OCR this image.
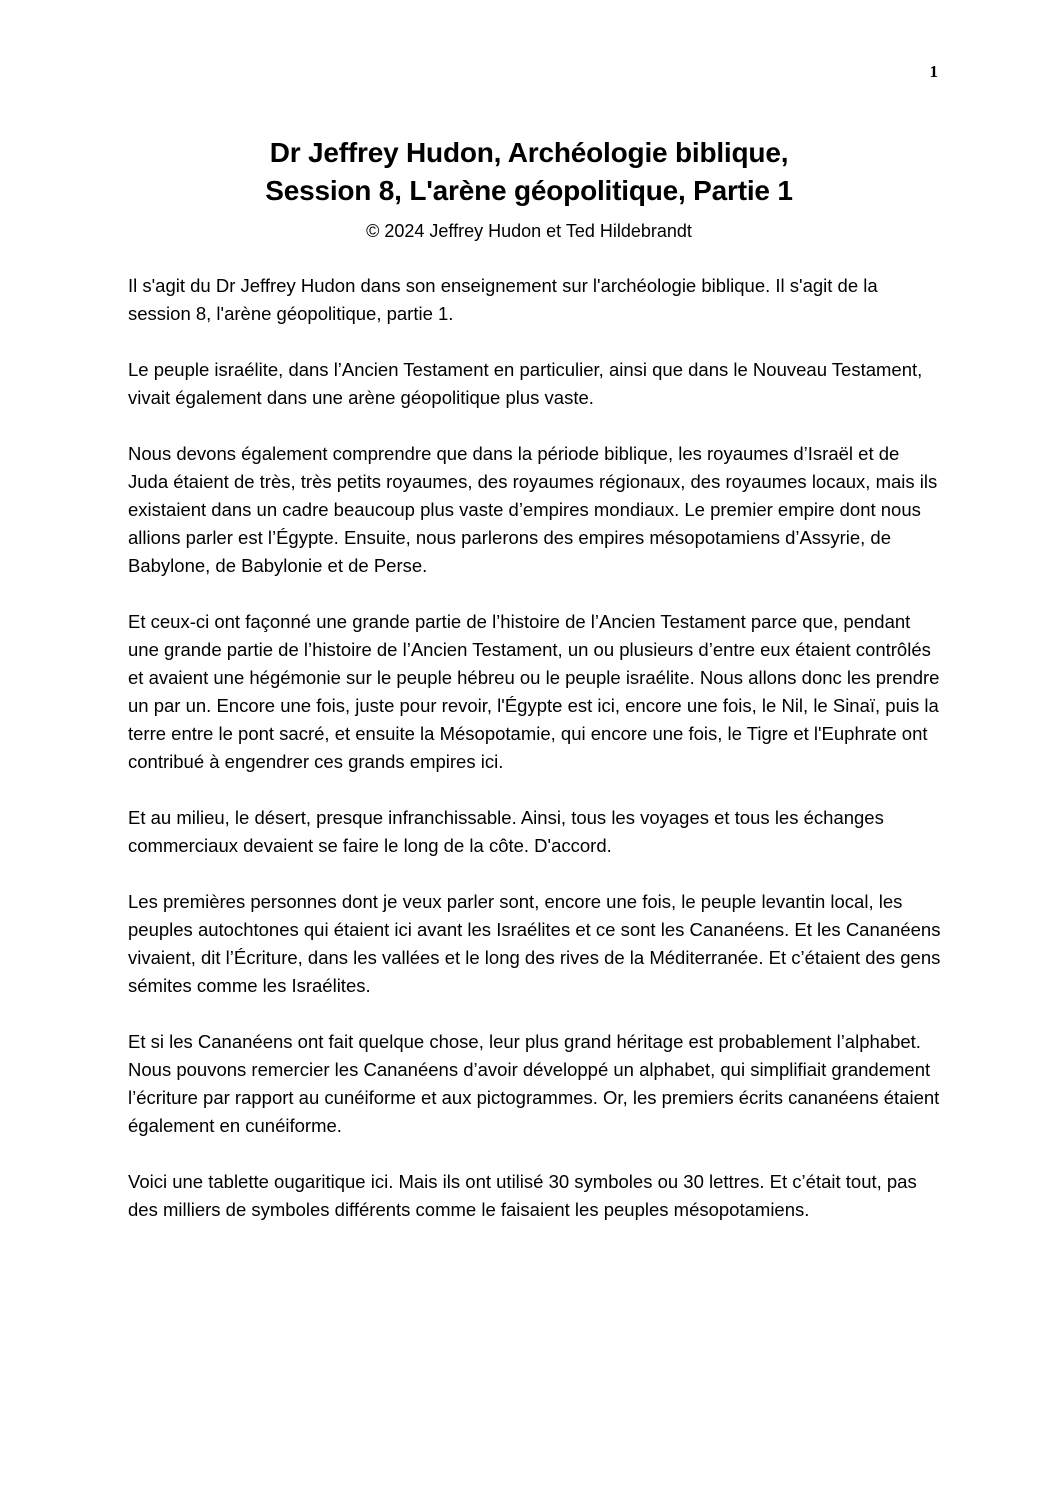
1
Dr Jeffrey Hudon, Archéologie biblique,
Session 8, L'arène géopolitique, Partie 1
© 2024 Jeffrey Hudon et Ted Hildebrandt

Il s'agit du Dr Jeffrey Hudon dans son enseignement sur l'archéologie biblique. Il s'agit de la session 8, l'arène géopolitique, partie 1.

Le peuple israélite, dans l’Ancien Testament en particulier, ainsi que dans le Nouveau Testament, vivait également dans une arène géopolitique plus vaste.

Nous devons également comprendre que dans la période biblique, les royaumes d’Israël et de Juda étaient de très, très petits royaumes, des royaumes régionaux, des royaumes locaux, mais ils existaient dans un cadre beaucoup plus vaste d’empires mondiaux. Le premier empire dont nous allions parler est l’Égypte. Ensuite, nous parlerons des empires mésopotamiens d’Assyrie, de Babylone, de Babylonie et de Perse.

Et ceux-ci ont façonné une grande partie de l’histoire de l’Ancien Testament parce que, pendant une grande partie de l’histoire de l’Ancien Testament, un ou plusieurs d’entre eux étaient contrôlés et avaient une hégémonie sur le peuple hébreu ou le peuple israélite. Nous allons donc les prendre un par un. Encore une fois, juste pour revoir, l'Égypte est ici, encore une fois, le Nil, le Sinaï, puis la terre entre le pont sacré, et ensuite la Mésopotamie, qui encore une fois, le Tigre et l'Euphrate ont contribué à engendrer ces grands empires ici.

Et au milieu, le désert, presque infranchissable. Ainsi, tous les voyages et tous les échanges commerciaux devaient se faire le long de la côte. D'accord.

Les premières personnes dont je veux parler sont, encore une fois, le peuple levantin local, les peuples autochtones qui étaient ici avant les Israélites et ce sont les Cananéens. Et les Cananéens vivaient, dit l’Écriture, dans les vallées et le long des rives de la Méditerranée. Et c’étaient des gens sémites comme les Israélites.

Et si les Cananéens ont fait quelque chose, leur plus grand héritage est probablement l’alphabet. Nous pouvons remercier les Cananéens d’avoir développé un alphabet, qui simplifiait grandement l’écriture par rapport au cunéiforme et aux pictogrammes. Or, les premiers écrits cananéens étaient également en cunéiforme.

Voici une tablette ougaritique ici. Mais ils ont utilisé 30 symboles ou 30 lettres. Et c’était tout, pas des milliers de symboles différents comme le faisaient les peuples mésopotamiens.
